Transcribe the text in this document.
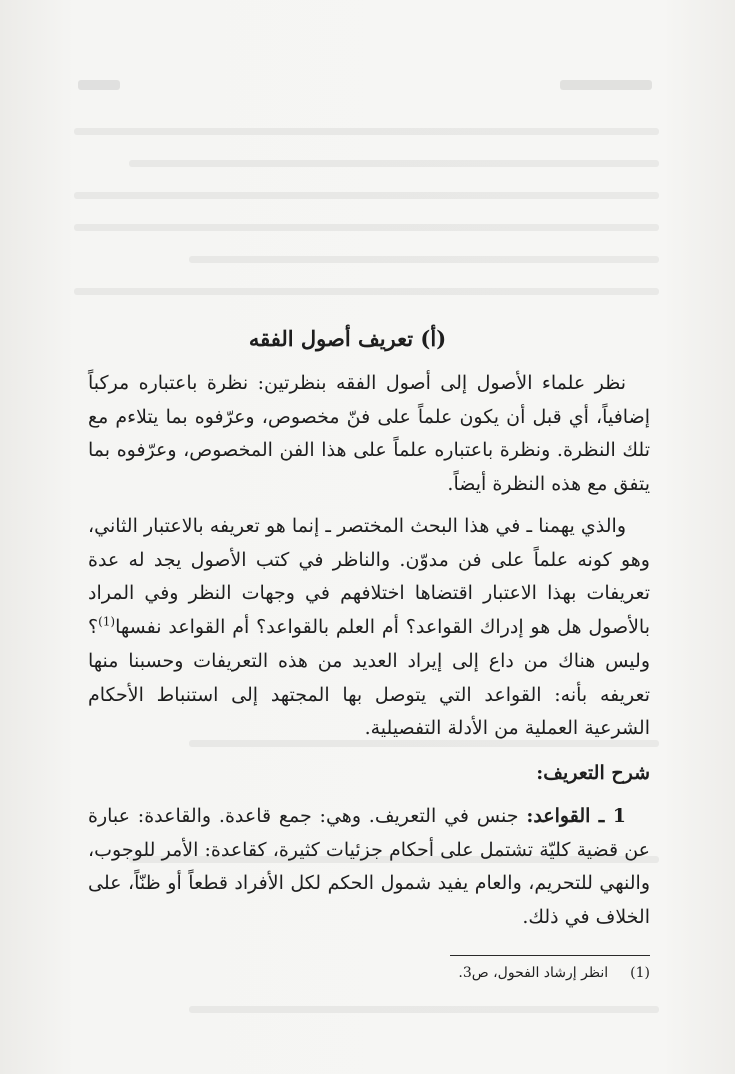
(أ) تعريف أصول الفقه

نظر علماء الأصول إلى أصول الفقه بنظرتين: نظرة باعتباره مركباً إضافياً، أي قبل أن يكون علماً على فنّ مخصوص، وعرّفوه بما يتلاءم مع تلك النظرة. ونظرة باعتباره علماً على هذا الفن المخصوص، وعرّفوه بما يتفق مع هذه النظرة أيضاً.

والذي يهمنا ـ في هذا البحث المختصر ـ إنما هو تعريفه بالاعتبار الثاني، وهو كونه علماً على فن مدوّن. والناظر في كتب الأصول يجد له عدة تعريفات بهذا الاعتبار اقتضاها اختلافهم في وجهات النظر وفي المراد بالأصول هل هو إدراك القواعد؟ أم العلم بالقواعد؟ أم القواعد نفسها$^{(1)}$؟ وليس هناك من داع إلى إيراد العديد من هذه التعريفات وحسبنا منها تعريفه بأنه: القواعد التي يتوصل بها المجتهد إلى استنباط الأحكام الشرعية العملية من الأدلة التفصيلية.

شرح التعريف:

1 ـ القواعد: جنس في التعريف. وهي: جمع قاعدة. والقاعدة: عبارة عن قضية كليّة تشتمل على أحكام جزئيات كثيرة، كقاعدة: الأمر للوجوب، والنهي للتحريم، والعام يفيد شمول الحكم لكل الأفراد قطعاً أو ظنّاً، على الخلاف في ذلك.

(1)انظر إرشاد الفحول، ص3.
